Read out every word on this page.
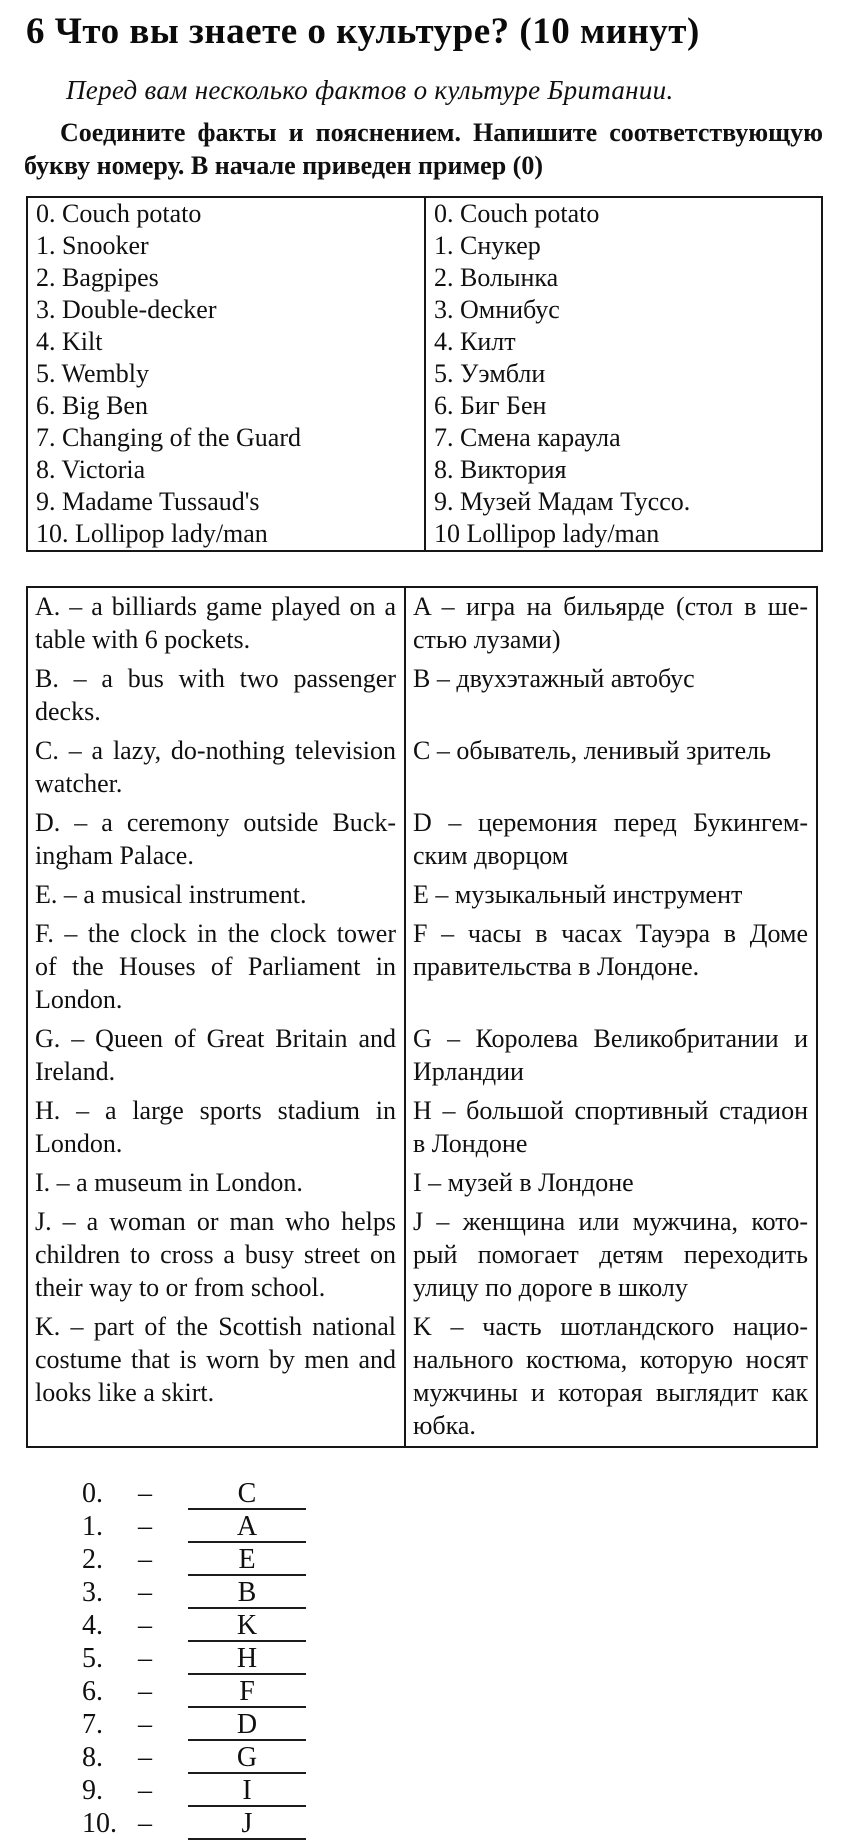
6 Что вы знаете о культуре? (10 минут)

Перед вам несколько фактов о культуре Британии.

Соедините факты и пояснением. Напишите соответствующую букву номеру. В начале приведен пример (0)

0. Couch potato	0. Couch potato
1. Snooker	1. Снукер
2. Bagpipes	2. Волынка
3. Double-decker	3. Омнибус
4. Kilt	4. Килт
5. Wembly	5. Уэмбли
6. Big Ben	6. Биг Бен
7. Changing of the Guard	7. Смена караула
8. Victoria	8. Виктория
9. Madame Tussaud's	9. Музей Мадам Туссо.
10. Lollipop lady/man	10 Lollipop lady/man
A. – a billiards game played on a table with 6 pockets.	A – игра на бильярде (стол в шестью лузами)
B. – a bus with two passenger decks.	B – двухэтажный автобус
C. – a lazy, do-nothing television watcher.	C – обыватель, ленивый зритель
D. – a ceremony outside Buckingham Palace.	D – церемония перед Букингемским дворцом
E. – a musical instrument.	E – музыкальный инструмент
F. – the clock in the clock tower of the Houses of Parliament in London.	F – часы в часах Тауэра в Доме правительства в Лондоне.
G. – Queen of Great Britain and Ireland.	G – Королева Великобритании и Ирландии
H. – a large sports stadium in London.	H – большой спортивный стадион в Лондоне
I. – a museum in London.	I – музей в Лондоне
J. – a woman or man who helps children to cross a busy street on their way to or from school.	J – женщина или мужчина, который помогает детям переходить улицу по дороге в школу
K. – part of the Scottish national costume that is worn by men and looks like a skirt.	K – часть шотландского национального костюма, которую носят мужчины и которая выглядит как юбка.
0.	–	C
1.	–	A
2.	–	E
3.	–	B
4.	–	K
5.	–	H
6.	–	F
7.	–	D
8.	–	G
9.	–	I
10. –	J
